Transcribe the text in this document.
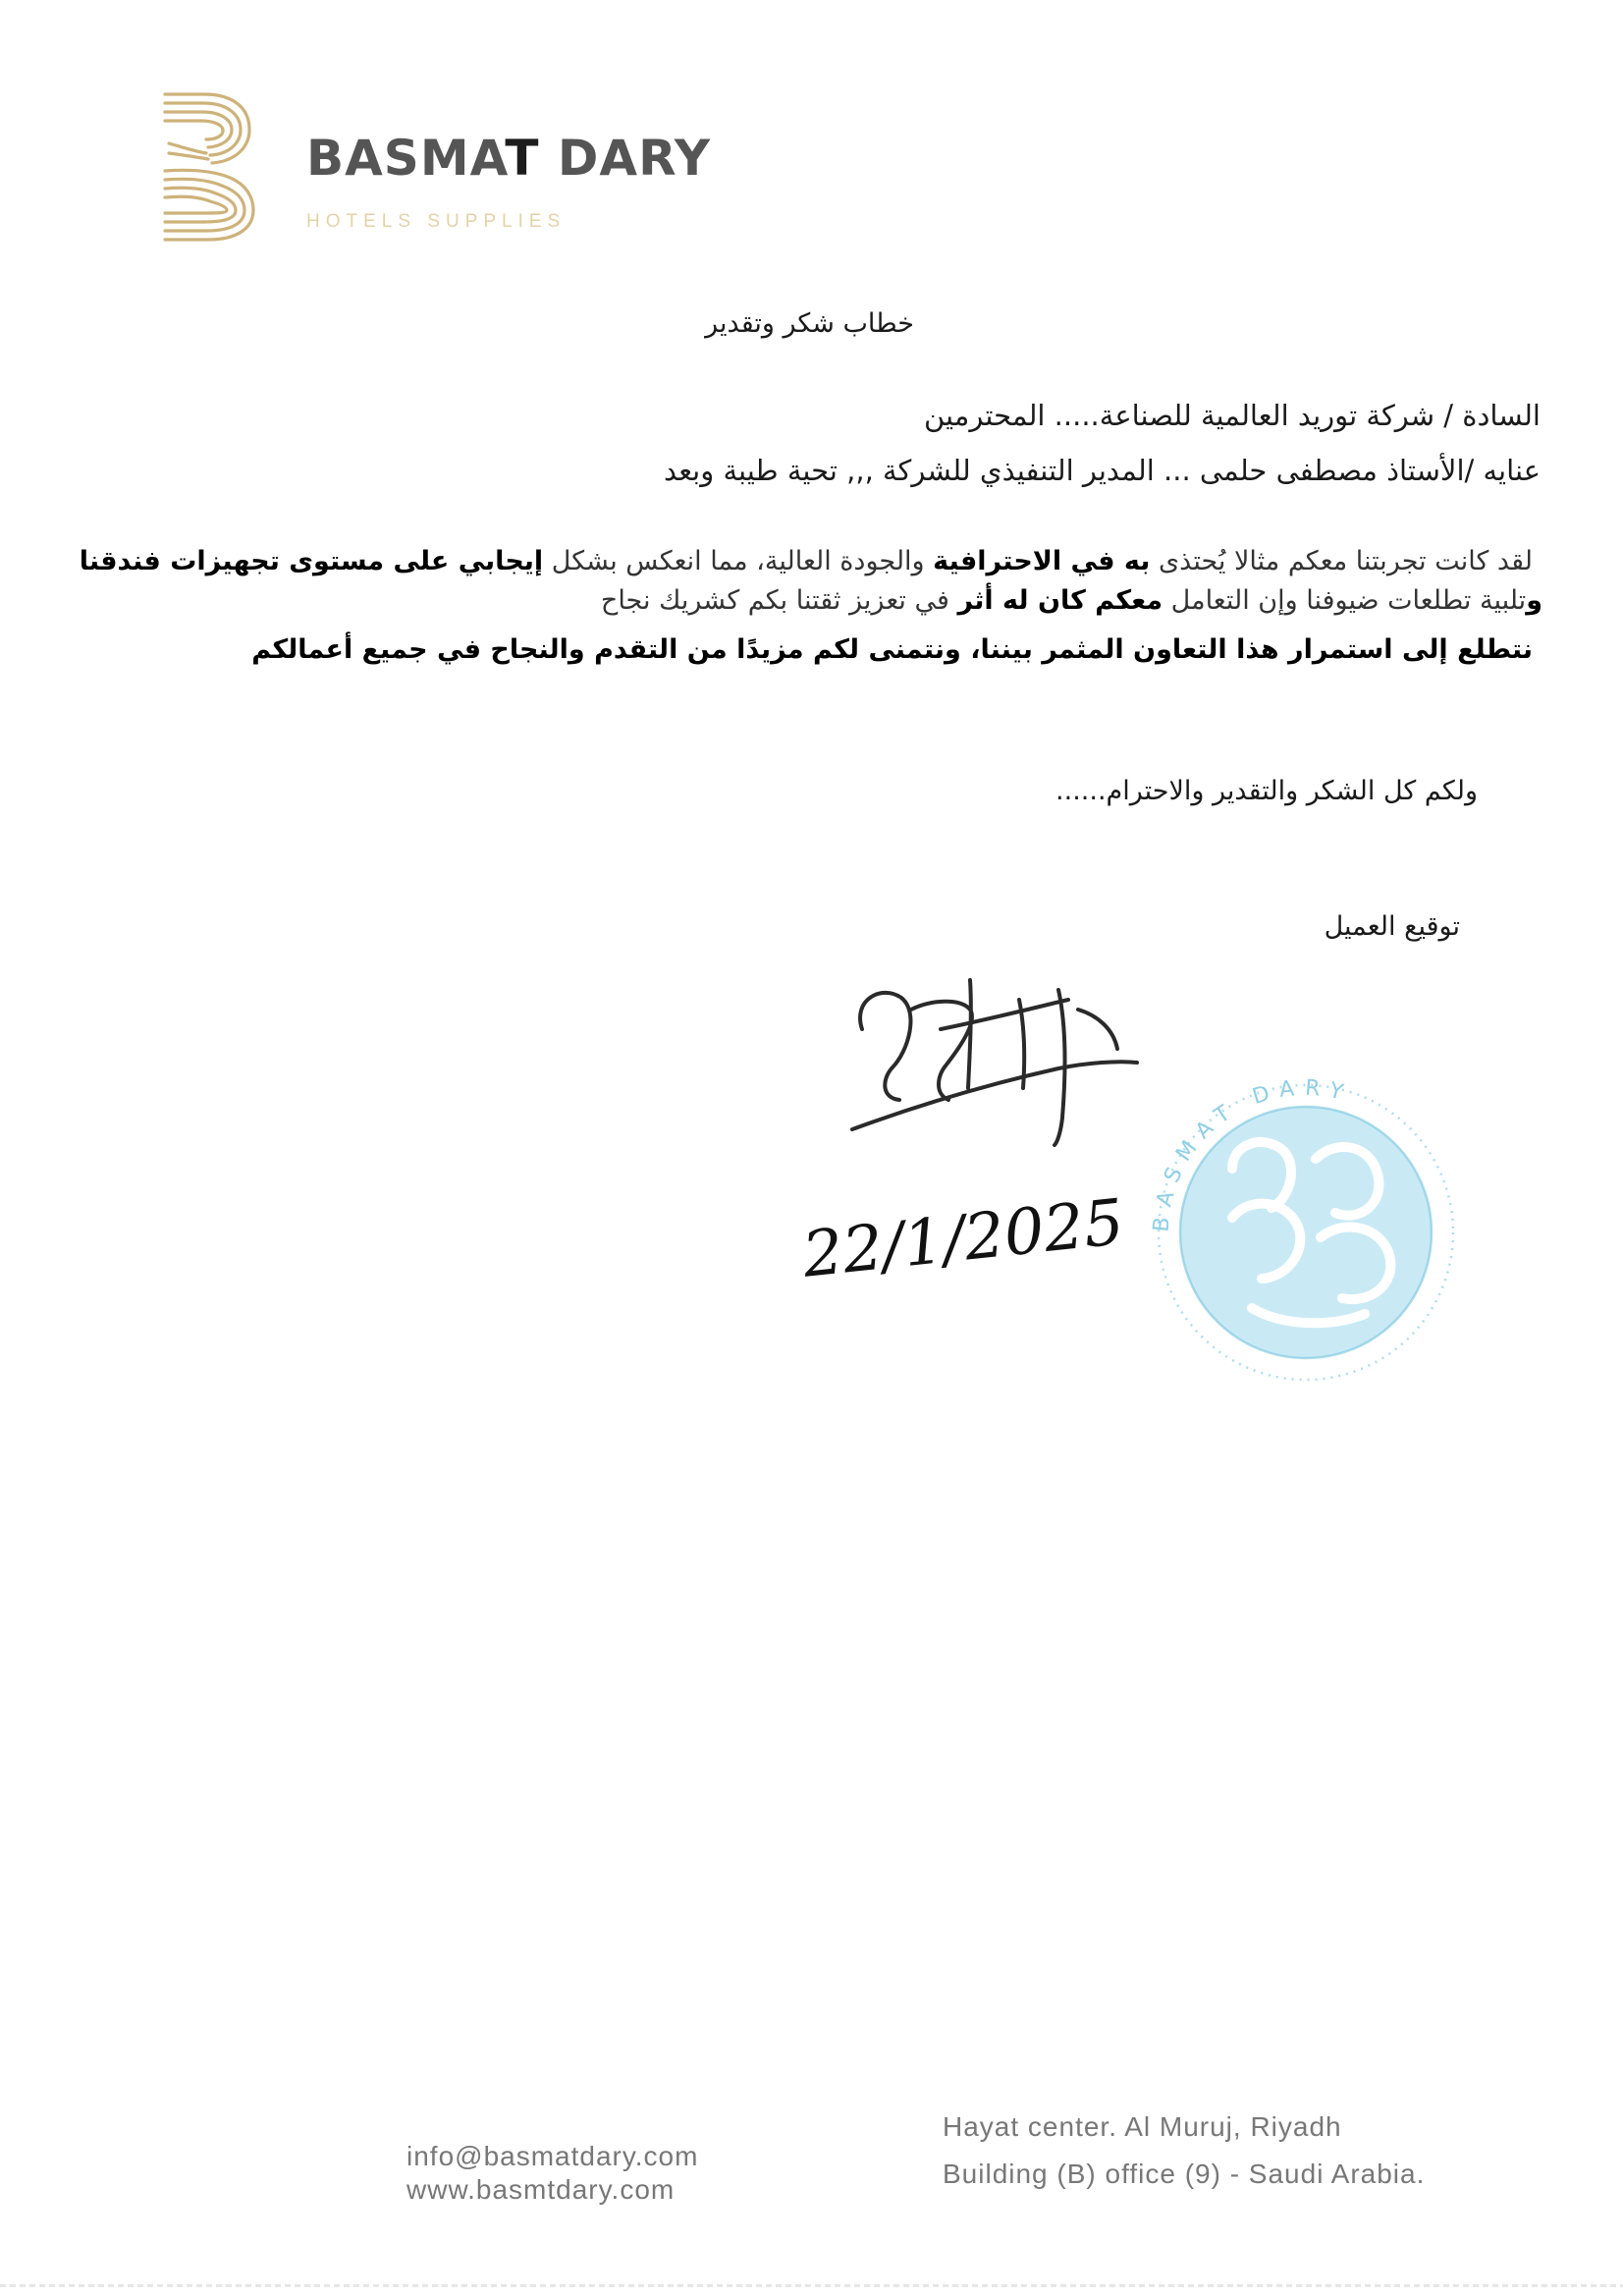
BASMAT DARY
HOTELS SUPPLIES
خطاب شكر وتقدير
السادة / شركة توريد العالمية للصناعة..... المحترمين
عنايه /الأستاذ مصطفى حلمى ... المدير التنفيذي للشركة ,,, تحية طيبة وبعد
لقد كانت تجربتنا معكم مثالا يُحتذى به في الاحترافية والجودة العالية، مما انعكس بشكل إيجابي على مستوى تجهيزات فندقنا
وتلبية تطلعات ضيوفنا وإن التعامل معكم كان له أثر في تعزيز ثقتنا بكم كشريك نجاح
نتطلع إلى استمرار هذا التعاون المثمر بيننا، ونتمنى لكم مزيدًا من التقدم والنجاح في جميع أعمالكم
ولكم كل الشكر والتقدير والاحترام......
توقيع العميل
BASMAT DARY
22/1/2025
info@basmatdary.com
www.basmtdary.com
Hayat center. Al Muruj, Riyadh
Building (B) office (9) - Saudi Arabia.
